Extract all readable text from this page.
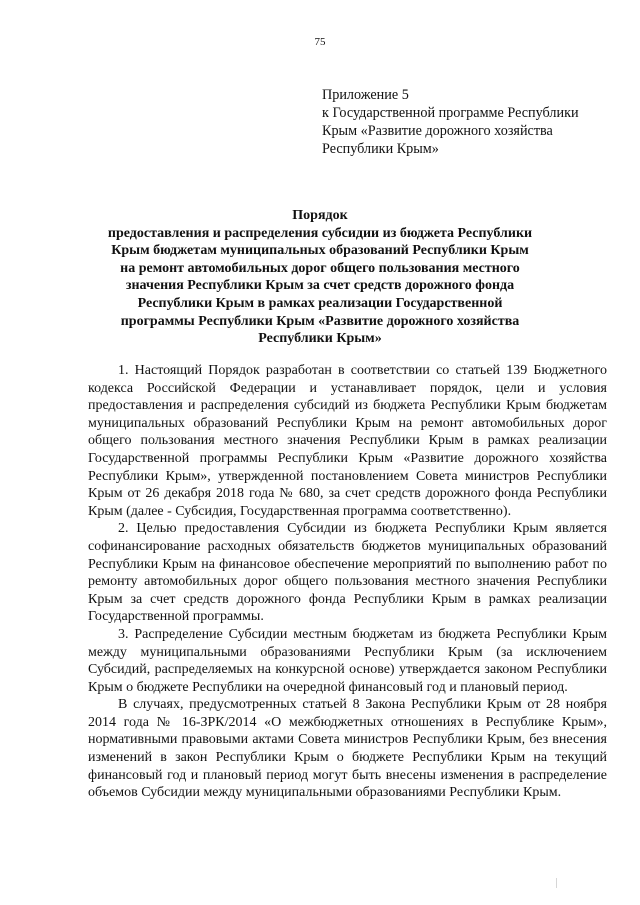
75
Приложение 5
к Государственной программе Республики
Крым «Развитие дорожного хозяйства
Республики Крым»
Порядок
предоставления и распределения субсидии из бюджета Республики
Крым бюджетам муниципальных образований Республики Крым
на ремонт автомобильных дорог общего пользования местного
значения Республики Крым за счет средств дорожного фонда
Республики Крым в рамках реализации Государственной
программы Республики Крым «Развитие дорожного хозяйства
Республики Крым»

1. Настоящий Порядок разработан в соответствии со статьей 139 Бюджетного кодекса Российской Федерации и устанавливает порядок, цели и условия предоставления и распределения субсидий из бюджета Республики Крым бюджетам муниципальных образований Республики Крым на ремонт автомобильных дорог общего пользования местного значения Республики Крым в рамках реализации Государственной программы Республики Крым «Развитие дорожного хозяйства Республики Крым», утвержденной постановлением Совета министров Республики Крым от 26 декабря 2018 года № 680, за счет средств дорожного фонда Республики Крым (далее - Субсидия, Государственная программа соответственно).

2. Целью предоставления Субсидии из бюджета Республики Крым является софинансирование расходных обязательств бюджетов муниципальных образований Республики Крым на финансовое обеспечение мероприятий по выполнению работ по ремонту автомобильных дорог общего пользования местного значения Республики Крым за счет средств дорожного фонда Республики Крым в рамках реализации Государственной программы.

3. Распределение Субсидии местным бюджетам из бюджета Республики Крым между муниципальными образованиями Республики Крым (за исключением Субсидий, распределяемых на конкурсной основе) утверждается законом Республики Крым о бюджете Республики на очередной финансовый год и плановый период.

В случаях, предусмотренных статьей 8 Закона Республики Крым от 28 ноября 2014 года № 16-ЗРК/2014 «О межбюджетных отношениях в Республике Крым», нормативными правовыми актами Совета министров Республики Крым, без внесения изменений в закон Республики Крым о бюджете Республики Крым на текущий финансовый год и плановый период могут быть внесены изменения в распределение объемов Субсидии между муниципальными образованиями Республики Крым.
